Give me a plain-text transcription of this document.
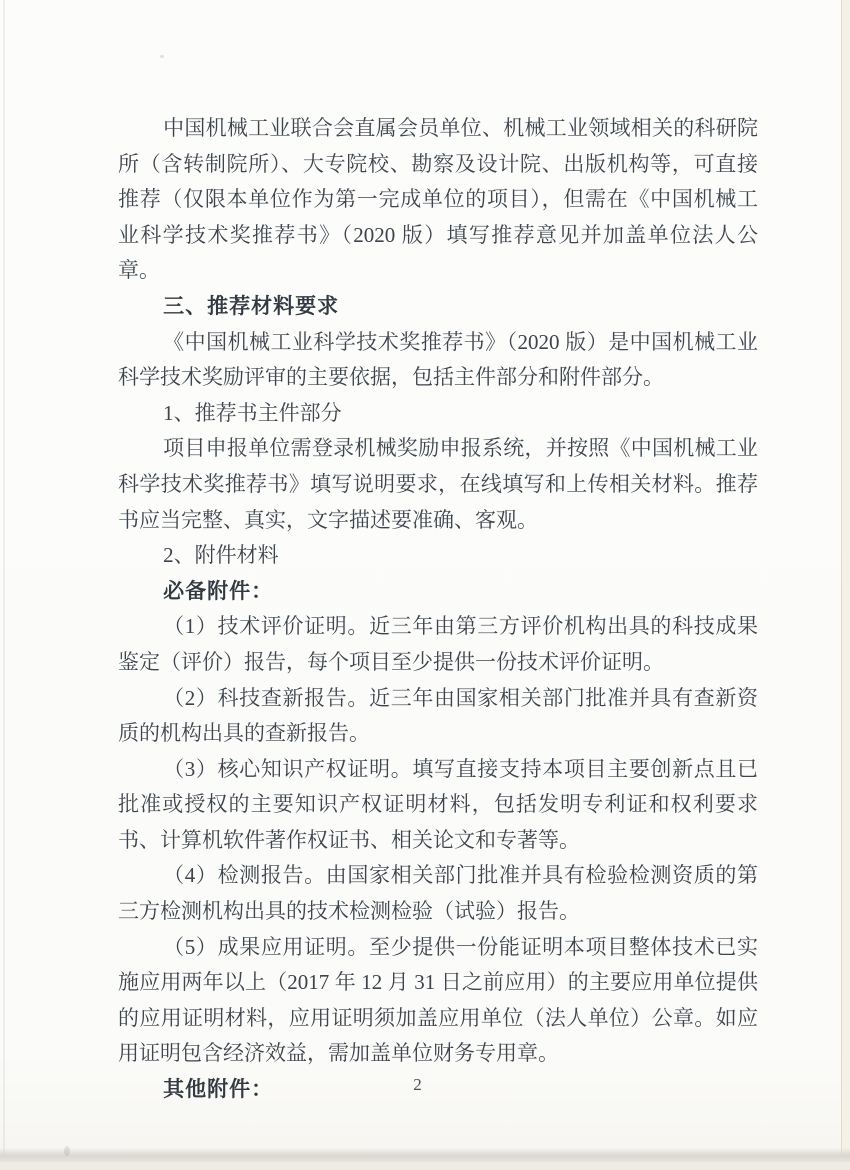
中国机械工业联合会直属会员单位、机械工业领域相关的科研院所（含转制院所）、大专院校、勘察及设计院、出版机构等，可直接推荐（仅限本单位作为第一完成单位的项目），但需在《中国机械工业科学技术奖推荐书》（2020 版）填写推荐意见并加盖单位法人公章。

三、推荐材料要求

《中国机械工业科学技术奖推荐书》（2020 版）是中国机械工业科学技术奖励评审的主要依据，包括主件部分和附件部分。

1、推荐书主件部分

项目申报单位需登录机械奖励申报系统，并按照《中国机械工业科学技术奖推荐书》填写说明要求，在线填写和上传相关材料。推荐书应当完整、真实，文字描述要准确、客观。

2、附件材料

必备附件：

（1）技术评价证明。近三年由第三方评价机构出具的科技成果鉴定（评价）报告，每个项目至少提供一份技术评价证明。

（2）科技查新报告。近三年由国家相关部门批准并具有查新资质的机构出具的查新报告。

（3）核心知识产权证明。填写直接支持本项目主要创新点且已批准或授权的主要知识产权证明材料，包括发明专利证和权利要求书、计算机软件著作权证书、相关论文和专著等。

（4）检测报告。由国家相关部门批准并具有检验检测资质的第三方检测机构出具的技术检测检验（试验）报告。

（5）成果应用证明。至少提供一份能证明本项目整体技术已实施应用两年以上（2017 年 12 月 31 日之前应用）的主要应用单位提供的应用证明材料，应用证明须加盖应用单位（法人单位）公章。如应用证明包含经济效益，需加盖单位财务专用章。

其他附件：	2
